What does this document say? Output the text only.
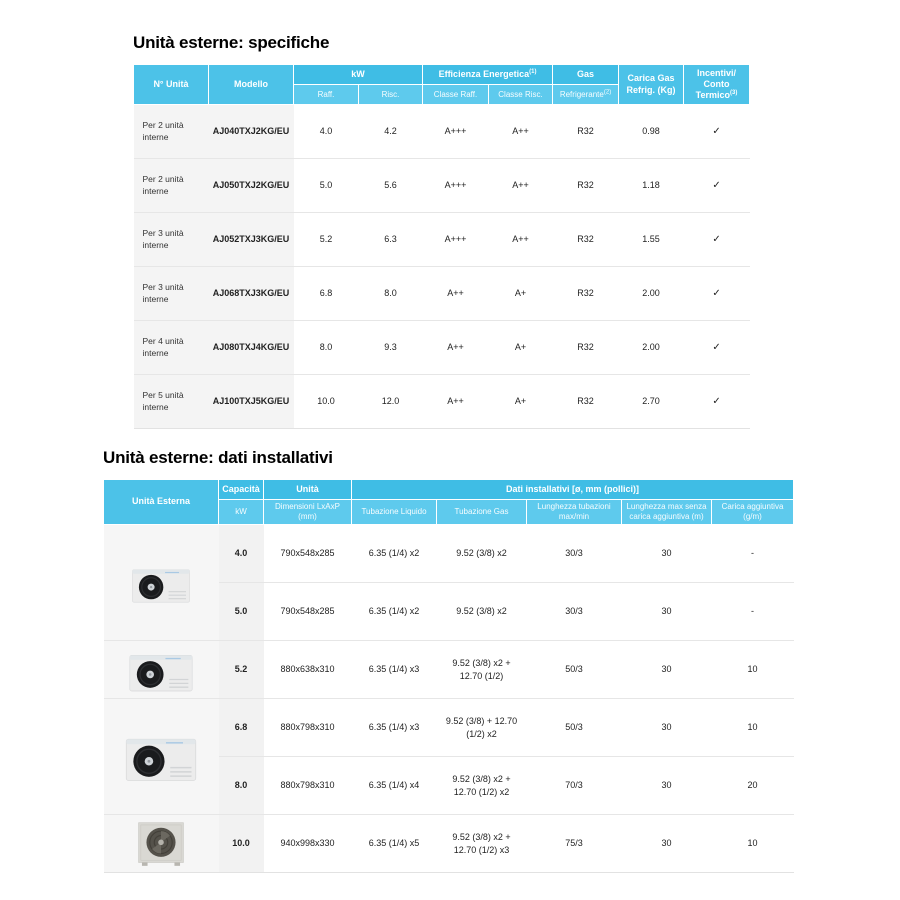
Unità esterne: specifiche
N° Unità	Modello	kW		Efficienza Energetica$^{(1)}$		Gas	Carica Gas
Refrig. (Kg)	Incentivi/
Conto Termico$^{(3)}$
		Raff.	Risc.	Classe Raff.	Classe Risc.	Refrigerante$^{(2)}$
Per 2 unità interne	AJ040TXJ2KG/EU	4.0	4.2	A+++	A++	R32	0.98	✓
Per 2 unità interne	AJ050TXJ2KG/EU	5.0	5.6	A+++	A++	R32	1.18	✓
Per 3 unità interne	AJ052TXJ3KG/EU	5.2	6.3	A+++	A++	R32	1.55	✓
Per 3 unità interne	AJ068TXJ3KG/EU	6.8	8.0	A++	A+	R32	2.00	✓
Per 4 unità interne	AJ080TXJ4KG/EU	8.0	9.3	A++	A+	R32	2.00	✓
Per 5 unità interne	AJ100TXJ5KG/EU	10.0	12.0	A++	A+	R32	2.70	✓
Unità esterne: dati installativi
Unità Esterna	Capacità	Unità	Dati installativi [ø, mm (pollici)]				
	kW	Dimensioni LxAxP (mm)	Tubazione Liquido	Tubazione Gas	Lunghezza tubazioni max/min	Lunghezza max senza carica aggiuntiva (m)	Carica aggiuntiva (g/m)

	4.0	790x548x285	6.35 (1/4) x2	9.52 (3/8) x2	30/3	30	-
	5.0	790x548x285	6.35 (1/4) x2	9.52 (3/8) x2	30/3	30	-

	5.2	880x638x310	6.35 (1/4) x3	9.52 (3/8) x2 + 12.70 (1/2)	50/3	30	10

	6.8	880x798x310	6.35 (1/4) x3	9.52 (3/8) + 12.70 (1/2) x2	50/3	30	10
	8.0	880x798x310	6.35 (1/4) x4	9.52 (3/8) x2 + 12.70 (1/2) x2	70/3	30	20

	10.0	940x998x330	6.35 (1/4) x5	9.52 (3/8) x2 + 12.70 (1/2) x3	75/3	30	10
